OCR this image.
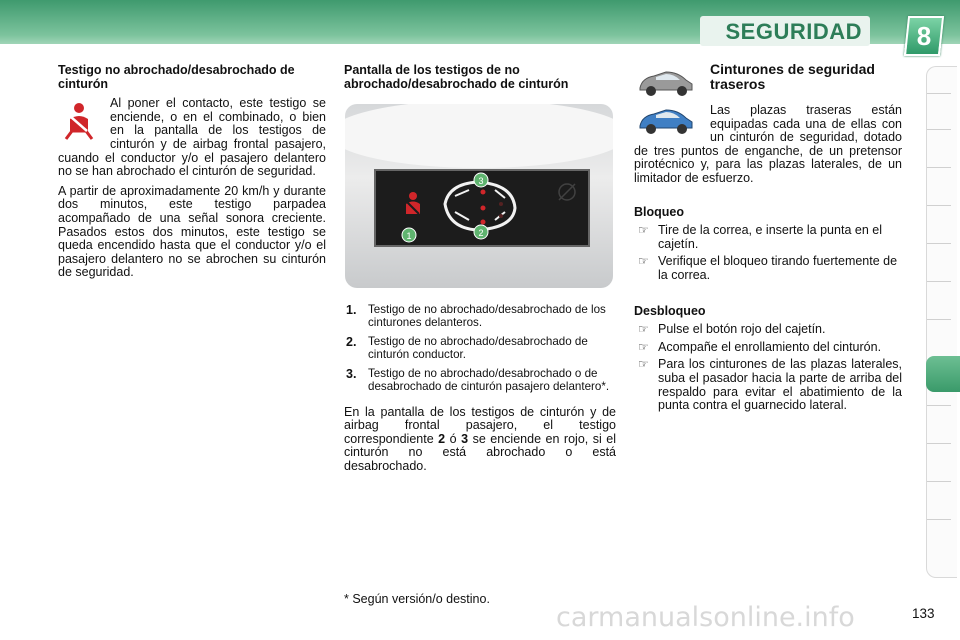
SEGURIDAD	8

Testigo no abrochado/desabrochado de cinturón

Al poner el contacto, este testigo se enciende, o en el combinado, o bien en la pantalla de los testigos de cinturón y de airbag frontal pasajero, cuando el conductor y/o el pasajero delantero no se han abrochado el cinturón de seguridad.

A partir de aproximadamente 20 km/h y durante dos minutos, este testigo parpadea acompañado de una señal sonora creciente. Pasados estos dos minutos, este testigo se queda encendido hasta que el conductor y/o el pasajero delantero no se abrochen su cinturón de seguridad.

Pantalla de los testigos de no abrochado/desabrochado de cinturón

1	2
3
1. Testigo de no abrochado/desabrochado de los cinturones delanteros.
2. Testigo de no abrochado/desabrochado de cinturón conductor.
3. Testigo de no abrochado/desabrochado o de desabrochado de cinturón pasajero delantero*.

En la pantalla de los testigos de cinturón y de airbag frontal pasajero, el testigo correspondiente 2 ó 3 se enciende en rojo, si el cinturón no está abrochado o está desabrochado.

Cinturones de seguridad traseros

Las plazas traseras están equipadas cada una de ellas con un cinturón de seguridad, dotado de tres puntos de enganche, de un pretensor pirotécnico y, para las plazas laterales, de un limitador de esfuerzo.

Bloqueo

☞ Tire de la correa, e inserte la punta en el cajetín.
☞ Verifique el bloqueo tirando fuertemente de la correa.

Desbloqueo

☞ Pulse el botón rojo del cajetín.
☞ Acompañe el enrollamiento del cinturón.
☞ Para los cinturones de las plazas laterales, suba el pasador hacia la parte de arriba del respaldo para evitar el abatimiento de la punta contra el guarnecido lateral.
* Según versión/o destino.
carmanualsonline.info	133
